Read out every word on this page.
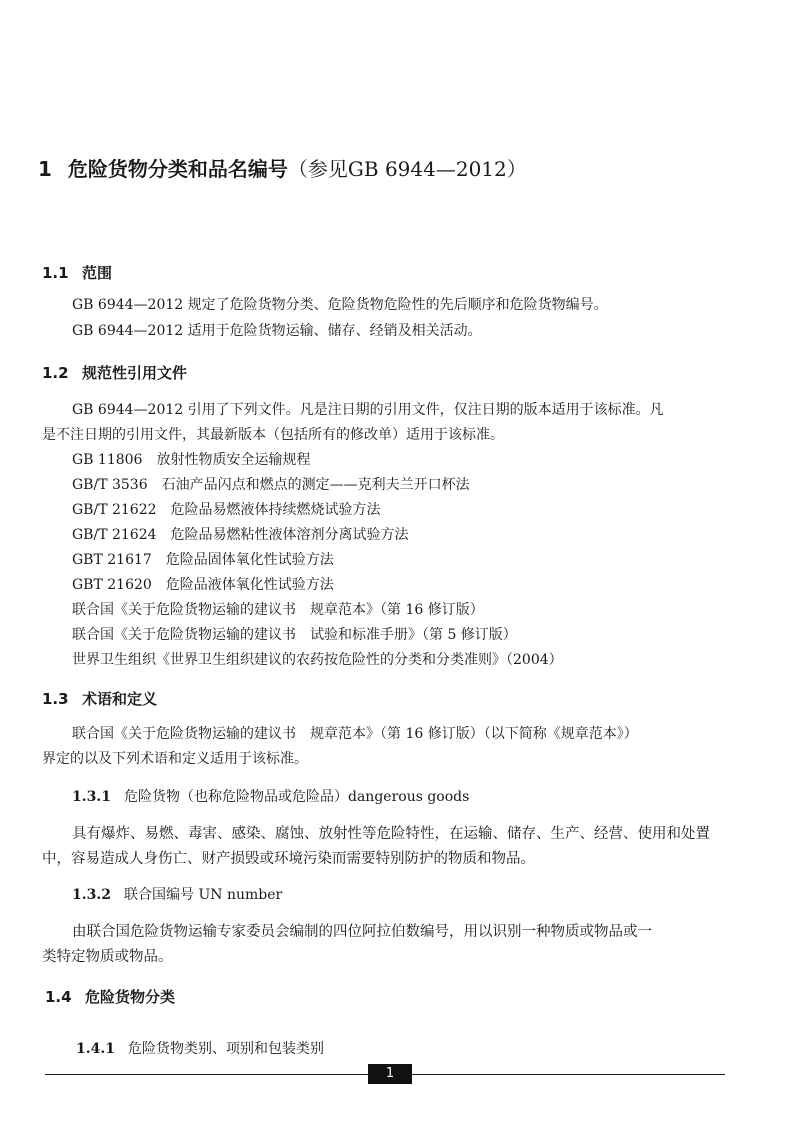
1 危险货物分类和品名编号（参见GB 6944—2012）
1.1 范围
GB 6944—2012 规定了危险货物分类、危险货物危险性的先后顺序和危险货物编号。
GB 6944—2012 适用于危险货物运输、储存、经销及相关活动。
1.2 规范性引用文件
GB 6944—2012 引用了下列文件。凡是注日期的引用文件，仅注日期的版本适用于该标准。凡
是不注日期的引用文件，其最新版本（包括所有的修改单）适用于该标准。
GB 11806　放射性物质安全运输规程
GB/T 3536　石油产品闪点和燃点的测定——克利夫兰开口杯法
GB/T 21622　危险品易燃液体持续燃烧试验方法
GB/T 21624　危险品易燃粘性液体溶剂分离试验方法
GBT 21617　危险品固体氧化性试验方法
GBT 21620　危险品液体氧化性试验方法
联合国《关于危险货物运输的建议书　规章范本》（第 16 修订版）
联合国《关于危险货物运输的建议书　试验和标准手册》（第 5 修订版）
世界卫生组织《世界卫生组织建议的农药按危险性的分类和分类准则》（2004）
1.3 术语和定义
联合国《关于危险货物运输的建议书　规章范本》（第 16 修订版）（以下简称《规章范本》）
界定的以及下列术语和定义适用于该标准。
1.3.1 危险货物（也称危险物品或危险品）dangerous goods
具有爆炸、易燃、毒害、感染、腐蚀、放射性等危险特性，在运输、储存、生产、经营、使用和处置
中，容易造成人身伤亡、财产损毁或环境污染而需要特别防护的物质和物品。
1.3.2 联合国编号 UN number
由联合国危险货物运输专家委员会编制的四位阿拉伯数编号，用以识别一种物质或物品或一
类特定物质或物品。
1.4 危险货物分类
1.4.1 危险货物类别、项别和包装类别
1
